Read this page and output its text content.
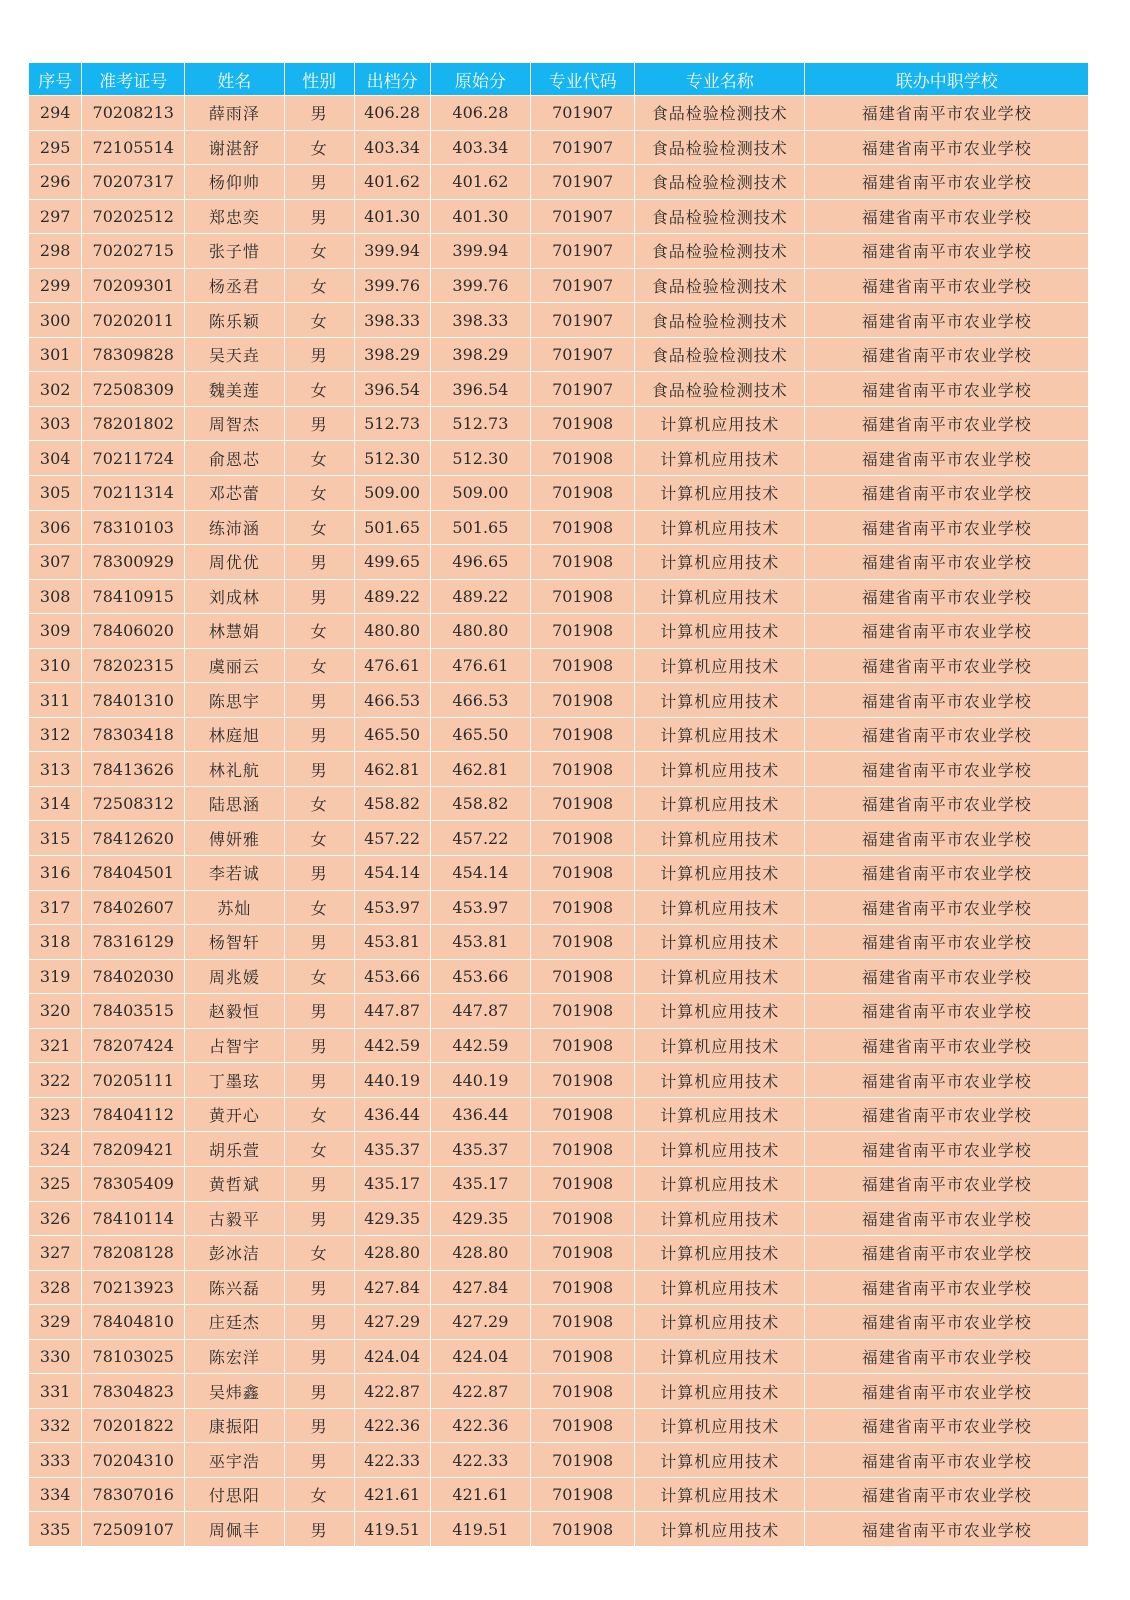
序号	准考证号	姓名	性别	出档分	原始分	专业代码	专业名称	联办中职学校
294	70208213	薛雨泽	男	406.28	406.28	701907	食品检验检测技术	福建省南平市农业学校
295	72105514	谢湛舒	女	403.34	403.34	701907	食品检验检测技术	福建省南平市农业学校
296	70207317	杨仰帅	男	401.62	401.62	701907	食品检验检测技术	福建省南平市农业学校
297	70202512	郑忠奕	男	401.30	401.30	701907	食品检验检测技术	福建省南平市农业学校
298	70202715	张子惜	女	399.94	399.94	701907	食品检验检测技术	福建省南平市农业学校
299	70209301	杨丞君	女	399.76	399.76	701907	食品检验检测技术	福建省南平市农业学校
300	70202011	陈乐颖	女	398.33	398.33	701907	食品检验检测技术	福建省南平市农业学校
301	78309828	吴天垚	男	398.29	398.29	701907	食品检验检测技术	福建省南平市农业学校
302	72508309	魏美莲	女	396.54	396.54	701907	食品检验检测技术	福建省南平市农业学校
303	78201802	周智杰	男	512.73	512.73	701908	计算机应用技术	福建省南平市农业学校
304	70211724	俞恩芯	女	512.30	512.30	701908	计算机应用技术	福建省南平市农业学校
305	70211314	邓芯蕾	女	509.00	509.00	701908	计算机应用技术	福建省南平市农业学校
306	78310103	练沛涵	女	501.65	501.65	701908	计算机应用技术	福建省南平市农业学校
307	78300929	周优优	男	499.65	496.65	701908	计算机应用技术	福建省南平市农业学校
308	78410915	刘成林	男	489.22	489.22	701908	计算机应用技术	福建省南平市农业学校
309	78406020	林慧娟	女	480.80	480.80	701908	计算机应用技术	福建省南平市农业学校
310	78202315	虞丽云	女	476.61	476.61	701908	计算机应用技术	福建省南平市农业学校
311	78401310	陈思宇	男	466.53	466.53	701908	计算机应用技术	福建省南平市农业学校
312	78303418	林庭旭	男	465.50	465.50	701908	计算机应用技术	福建省南平市农业学校
313	78413626	林礼航	男	462.81	462.81	701908	计算机应用技术	福建省南平市农业学校
314	72508312	陆思涵	女	458.82	458.82	701908	计算机应用技术	福建省南平市农业学校
315	78412620	傅妍雅	女	457.22	457.22	701908	计算机应用技术	福建省南平市农业学校
316	78404501	李若诚	男	454.14	454.14	701908	计算机应用技术	福建省南平市农业学校
317	78402607	苏灿	女	453.97	453.97	701908	计算机应用技术	福建省南平市农业学校
318	78316129	杨智轩	男	453.81	453.81	701908	计算机应用技术	福建省南平市农业学校
319	78402030	周兆媛	女	453.66	453.66	701908	计算机应用技术	福建省南平市农业学校
320	78403515	赵毅恒	男	447.87	447.87	701908	计算机应用技术	福建省南平市农业学校
321	78207424	占智宇	男	442.59	442.59	701908	计算机应用技术	福建省南平市农业学校
322	70205111	丁墨玹	男	440.19	440.19	701908	计算机应用技术	福建省南平市农业学校
323	78404112	黄开心	女	436.44	436.44	701908	计算机应用技术	福建省南平市农业学校
324	78209421	胡乐萱	女	435.37	435.37	701908	计算机应用技术	福建省南平市农业学校
325	78305409	黄哲斌	男	435.17	435.17	701908	计算机应用技术	福建省南平市农业学校
326	78410114	古毅平	男	429.35	429.35	701908	计算机应用技术	福建省南平市农业学校
327	78208128	彭冰洁	女	428.80	428.80	701908	计算机应用技术	福建省南平市农业学校
328	70213923	陈兴磊	男	427.84	427.84	701908	计算机应用技术	福建省南平市农业学校
329	78404810	庄廷杰	男	427.29	427.29	701908	计算机应用技术	福建省南平市农业学校
330	78103025	陈宏洋	男	424.04	424.04	701908	计算机应用技术	福建省南平市农业学校
331	78304823	吴炜鑫	男	422.87	422.87	701908	计算机应用技术	福建省南平市农业学校
332	70201822	康振阳	男	422.36	422.36	701908	计算机应用技术	福建省南平市农业学校
333	70204310	巫宇浩	男	422.33	422.33	701908	计算机应用技术	福建省南平市农业学校
334	78307016	付思阳	女	421.61	421.61	701908	计算机应用技术	福建省南平市农业学校
335	72509107	周佩丰	男	419.51	419.51	701908	计算机应用技术	福建省南平市农业学校
